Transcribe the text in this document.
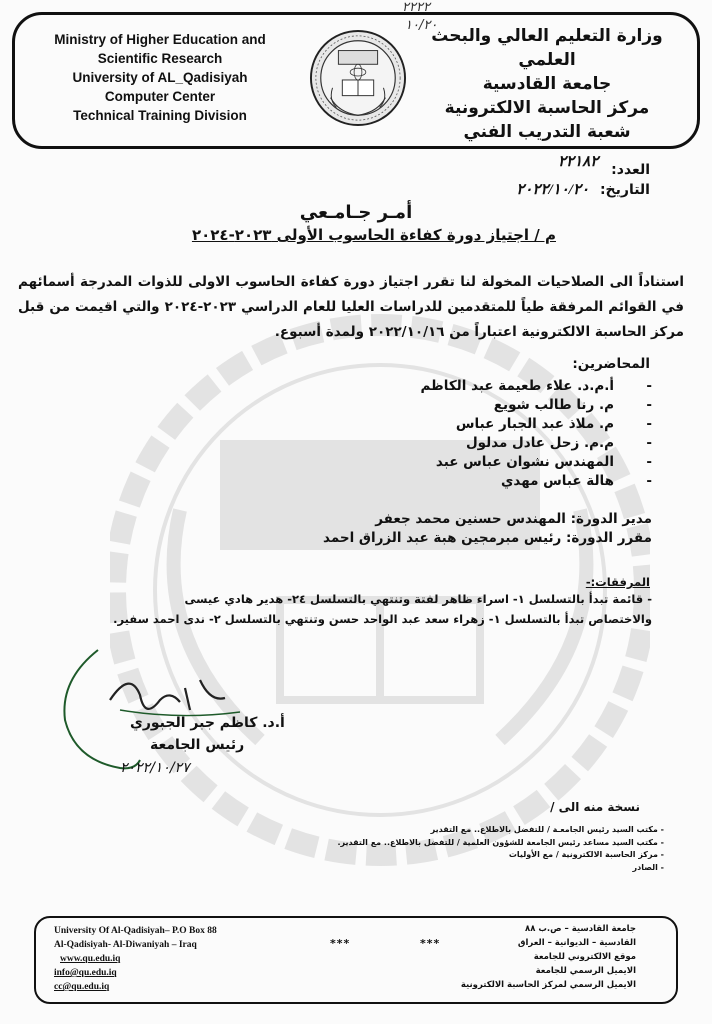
Ministry of Higher Education and
Scientific Research
University of AL_Qadisiyah
Computer Center
Technical Training Division
وزارة التعليم العالي والبحث العلمي
جامعة القادسية
مركز الحاسبة الالكترونية
شعبة التدريب الفني
٢٢٢٢
١٠/٢٠
العدد: ٢٢١٨٢
التاريخ: ٢٠٢٢/١٠/٢٠
أمـر جـامـعي
م / اجتياز دورة كفاءة الحاسوب الأولى ٢٠٢٣-٢٠٢٤
استناداً الى الصلاحيات المخولة لنا تقرر اجتياز دورة كفاءة الحاسوب الاولى للذوات المدرجة أسمائهم في القوائم المرفقة طياً للمتقدمين للدراسات العليا للعام الدراسي ٢٠٢٣-٢٠٢٤ والتي اقيمت من قبل مركز الحاسبة الالكترونية اعتباراً من ٢٠٢٢/١٠/١٦ ولمدة أسبوع.
المحاضرين:
- أ.م.د. علاء طعيمة عبد الكاظم
- م. رنا طالب شويع
- م. ملاذ عبد الجبار عباس
- م.م. زحل عادل مدلول
- المهندس نشوان عباس عبد
- هالة عباس مهدي
مدير الدورة: المهندس حسنين محمد جعفر
مقرر الدورة: رئيس مبرمجين هبة عبد الزراق احمد
المرفقات:-
- قائمة تبدأ بالتسلسل ١- اسراء ظاهر لفتة وتنتهي بالتسلسل ٢٤- هدير هادي عيسى
والاختصاص تبدأ بالتسلسل ١- زهراء سعد عبد الواحد حسن وتنتهي بالتسلسل ٢- ندى احمد سفير.
أ.د. كاظم جبر الجبوري
رئيس الجامعة
٢٠٢٢/١٠/٢٧
نسخة منه الى /
- مكتب السيد رئيس الجامعـة / للتفضل بالاطلاع.. مع التقدير
- مكتب السيد مساعد رئيس الجامعة للشؤون العلمية / للتفضل بالاطلاع.. مع التقدير.
- مركز الحاسبة الالكترونية / مع الأوليات
- الصادر
University Of Al-Qadisiyah– P.O Box 88
Al-Qadisiyah- Al-Diwaniyah – Iraq
www.qu.edu.iq
info@qu.edu.iq
cc@qu.edu.iq
***	***
جامعة القادسية – ص.ب ٨٨
القادسية – الديوانية – العراق
موقع الالكتروني للجامعة
الايميل الرسمي للجامعة
الايميل الرسمي لمركز الحاسبة الالكترونية
